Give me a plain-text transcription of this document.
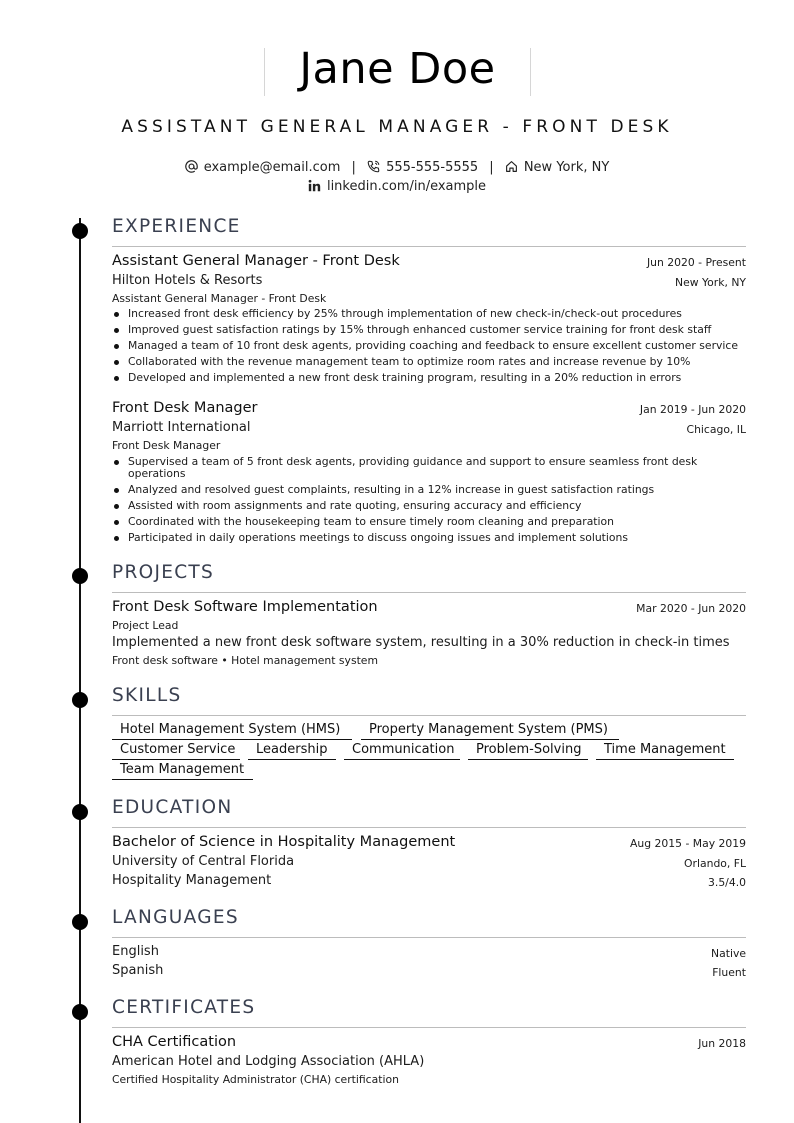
Jane Doe
ASSISTANT GENERAL MANAGER - FRONT DESK
example@email.com | 555-555-5555 | New York, NY
linkedin.com/in/example
EXPERIENCE
Assistant General Manager - Front Desk	Jun 2020 - Present
Hilton Hotels & Resorts	New York, NY
Assistant General Manager - Front Desk
Increased front desk efficiency by 25% through implementation of new check-in/check-out procedures
Improved guest satisfaction ratings by 15% through enhanced customer service training for front desk staff
Managed a team of 10 front desk agents, providing coaching and feedback to ensure excellent customer service
Collaborated with the revenue management team to optimize room rates and increase revenue by 10%
Developed and implemented a new front desk training program, resulting in a 20% reduction in errors
Front Desk Manager	Jan 2019 - Jun 2020
Marriott International	Chicago, IL
Front Desk Manager
Supervised a team of 5 front desk agents, providing guidance and support to ensure seamless front desk operations
Analyzed and resolved guest complaints, resulting in a 12% increase in guest satisfaction ratings
Assisted with room assignments and rate quoting, ensuring accuracy and efficiency
Coordinated with the housekeeping team to ensure timely room cleaning and preparation
Participated in daily operations meetings to discuss ongoing issues and implement solutions
PROJECTS
Front Desk Software Implementation	Mar 2020 - Jun 2020
Project Lead
Implemented a new front desk software system, resulting in a 30% reduction in check-in times
Front desk software • Hotel management system
SKILLS
Hotel Management System (HMS)	Property Management System (PMS)
Customer Service	Leadership	Communication	Problem-Solving	Time Management
Team Management
EDUCATION
Bachelor of Science in Hospitality Management	Aug 2015 - May 2019
University of Central Florida	Orlando, FL
Hospitality Management	3.5/4.0
LANGUAGES
English	Native
Spanish	Fluent
CERTIFICATES
CHA Certification	Jun 2018
American Hotel and Lodging Association (AHLA)
Certified Hospitality Administrator (CHA) certification
